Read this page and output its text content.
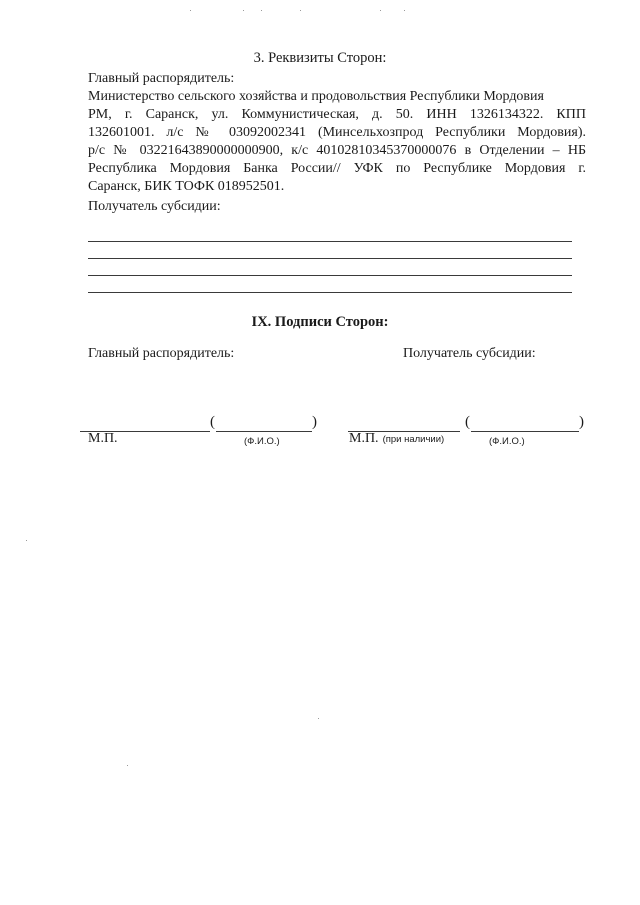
3. Реквизиты Сторон:
Главный распорядитель:
Министерство сельского хозяйства и продовольствия Республики Мордовия
РМ, г. Саранск, ул. Коммунистическая, д. 50. ИНН 1326134322. КПП
132601001. л/с № 03092002341 (Минсельхозпрод Республики Мордовия).
р/с № 03221643890000000900, к/с 40102810345370000076 в Отделении – НБ
Республика Мордовия Банка России// УФК по Республике Мордовия г.
Саранск, БИК ТОФК 018952501.
Получатель субсидии:
IX. Подписи Сторон:
Главный распорядитель:	Получатель субсидии:
(	)
М.П.	(Ф.И.О.)
(	)
М.П. (при наличии)	(Ф.И.О.)
